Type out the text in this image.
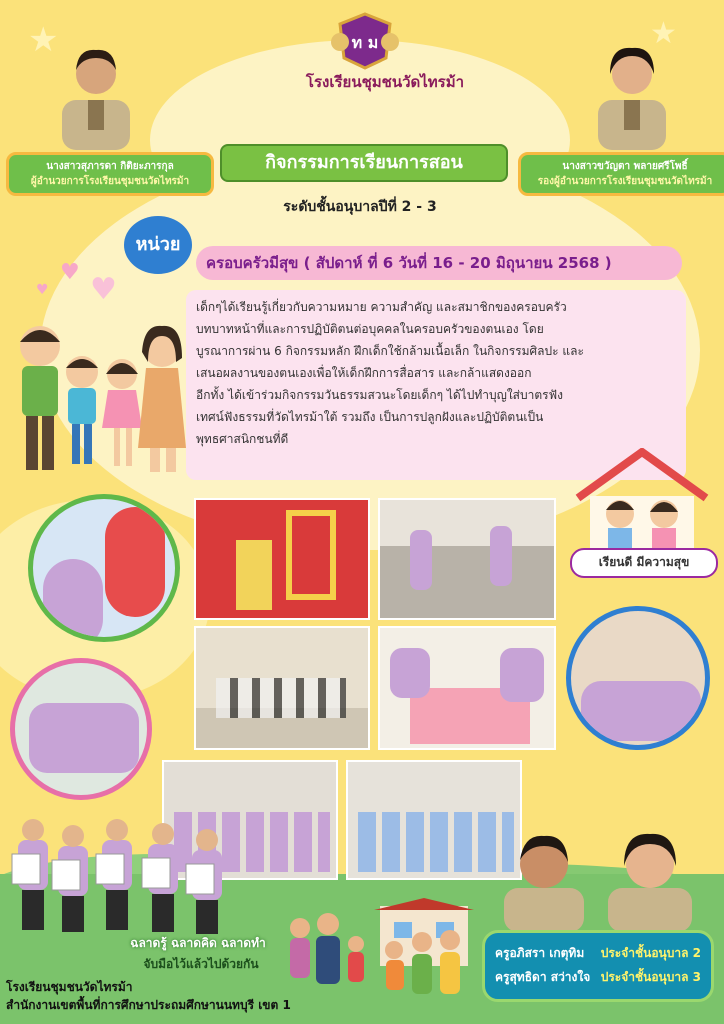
★	★
ท ม
โรงเรียนชุมชนวัดไทรม้า
นางสาวสุภารดา กิติยะภารกุล
ผู้อำนวยการโรงเรียนชุมชนวัดไทรม้า
นางสาวขวัญตา พลายศรีโพธิ์
รองผู้อำนวยการโรงเรียนชุมชนวัดไทรม้า
กิจกรรมการเรียนการสอน
ระดับชั้นอนุบาลปีที่ 2 - 3
ครอบครัวมีสุข ( สัปดาห์ ที่ 6 วันที่ 16 - 20 มิถุนายน 2568 )
หน่วย
♥ ♥
♥
เด็กๆได้เรียนรู้เกี่ยวกับความหมาย ความสำคัญ และสมาชิกของครอบครัว
บทบาทหน้าที่และการปฏิบัติตนต่อบุคคลในครอบครัวของตนเอง โดย
บูรณาการผ่าน 6 กิจกรรมหลัก ฝึกเด็กใช้กล้ามเนื้อเล็ก ในกิจกรรมศิลปะ และ
เสนอผลงานของตนเองเพื่อให้เด็กฝึกการสื่อสาร และกล้าแสดงออก
อีกทั้ง ได้เข้าร่วมกิจกรรมวันธรรมสวนะโดยเด็กๆ ได้ไปทำบุญใส่บาตรฟัง
เทศน์ฟังธรรมที่วัดไทรม้าใต้ รวมถึง เป็นการปลูกฝังและปฏิบัติตนเป็น
พุทธศาสนิกชนที่ดี
เรียนดี มีความสุข
ฉลาดรู้ ฉลาดคิด ฉลาดทำ
จับมือไว้แล้วไปด้วยกัน
ครูอภิสรา เกตุทิม ประจำชั้นอนุบาล 2
ครูสุทธิดา สว่างใจ ประจำชั้นอนุบาล 3
โรงเรียนชุมชนวัดไทรม้า
สำนักงานเขตพื้นที่การศึกษาประถมศึกษานนทบุรี เขต 1
